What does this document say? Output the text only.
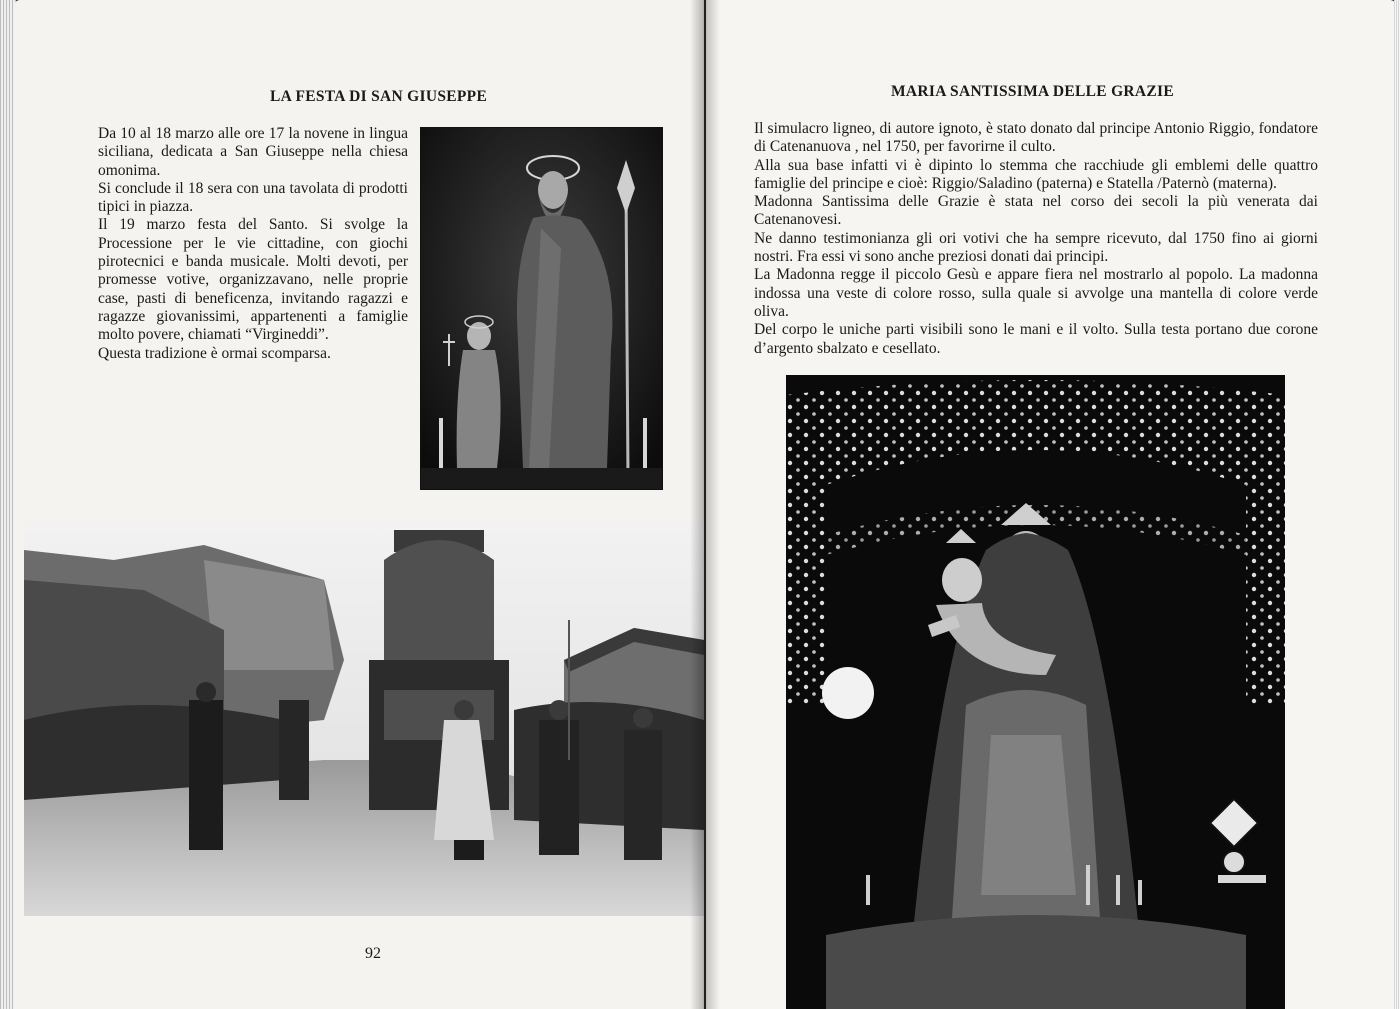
LA FESTA DI SAN GIUSEPPE

Da 10 al 18 marzo alle ore 17 la novene in lingua siciliana, dedicata a San Giuseppe nella chiesa omonima.

Si conclude il 18 sera con una tavolata di prodotti tipici in piazza.

Il 19 marzo festa del Santo. Si svolge la Processione per le vie cittadine, con giochi pirotecnici e banda musicale. Molti devoti, per promesse votive, organizzavano, nelle proprie case, pasti di beneficenza, invitando ragazzi e ragazze giovanissimi, appartenenti a famiglie molto povere, chiamati “Virgineddi”.

Questa tradizione è ormai scomparsa.

92
MARIA SANTISSIMA DELLE GRAZIE

Il simulacro ligneo, di autore ignoto, è stato donato dal principe Antonio Riggio, fondatore di Catenanuova , nel 1750, per favorirne il culto.

Alla sua base infatti vi è dipinto lo stemma che racchiude gli emblemi delle quattro famiglie del principe e cioè: Riggio/Saladino (paterna) e Statella /Paternò (materna).

Madonna Santissima delle Grazie è stata nel corso dei secoli la più venerata dai Catenanovesi.

Ne danno testimonianza gli ori votivi che ha sempre ricevuto, dal 1750 fino ai giorni nostri. Fra essi vi sono anche preziosi donati dai principi.

La Madonna regge il piccolo Gesù e appare fiera nel mostrarlo al popolo. La madonna indossa una veste di colore rosso, sulla quale si avvolge una mantella di colore verde oliva.

Del corpo le uniche parti visibili sono le mani e il volto. Sulla testa portano due corone d’argento sbalzato e cesellato.
